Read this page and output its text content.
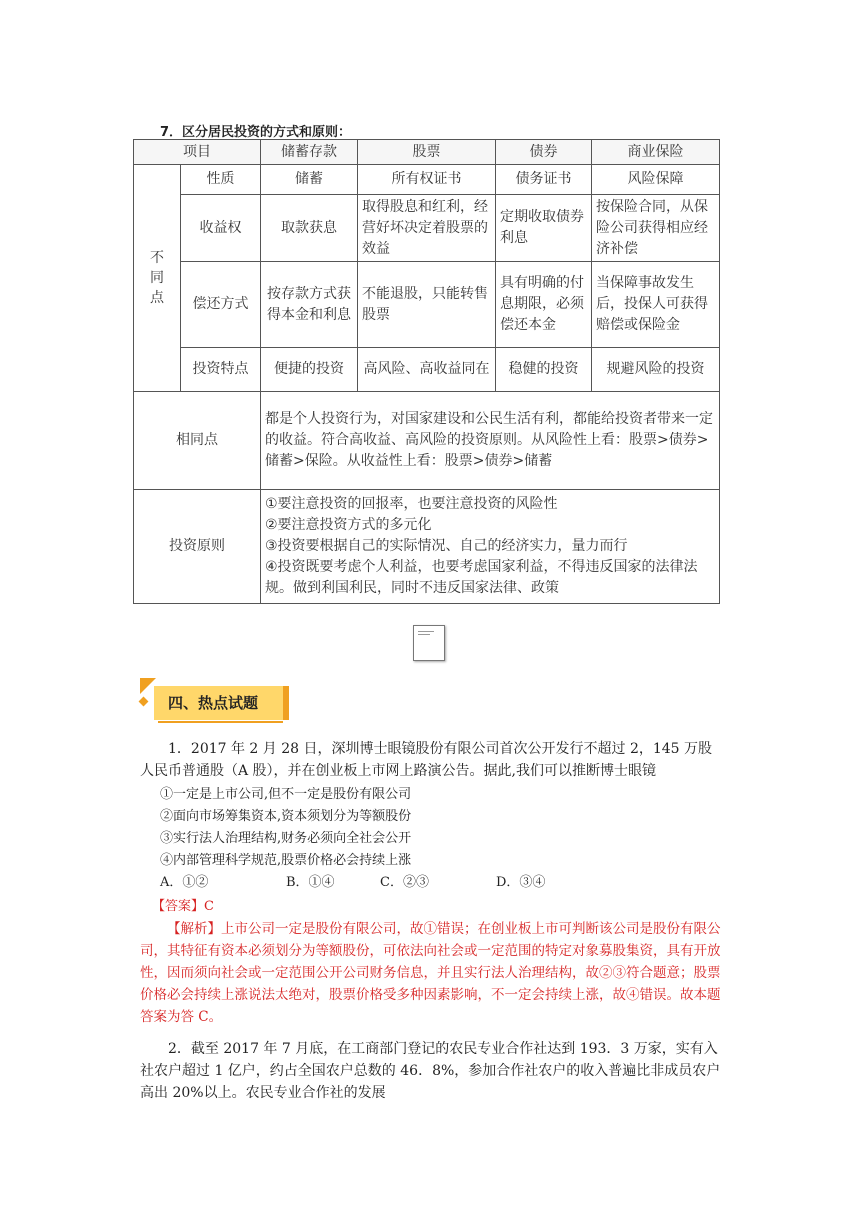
7．区分居民投资的方式和原则：
项目		储蓄存款	股票	债券	商业保险
不同点	性质	储蓄	所有权证书	债务证书	风险保障
	收益权	取款获息	取得股息和红利，经营好坏决定着股票的效益	定期收取债券利息	按保险合同，从保险公司获得相应经济补偿
	偿还方式	按存款方式获得本金和利息	不能退股，只能转售股票	具有明确的付息期限，必须偿还本金	当保障事故发生后，投保人可获得赔偿或保险金
	投资特点	便捷的投资	高风险、高收益同在	稳健的投资	规避风险的投资
相同点		都是个人投资行为，对国家建设和公民生活有利，都能给投资者带来一定的收益。符合高收益、高风险的投资原则。从风险性上看：股票>债券>储蓄>保险。从收益性上看：股票>债券>储蓄			
投资原则		①要注意投资的回报率，也要注意投资的风险性
②要注意投资方式的多元化
③投资要根据自己的实际情况、自己的经济实力，量力而行
④投资既要考虑个人利益，也要考虑国家利益，不得违反国家的法律法规。做到利国利民，同时不违反国家法律、政策			
四、热点试题
1．2017 年 2 月 28 日，深圳博士眼镜股份有限公司首次公开发行不超过 2，145 万股人民币普通股（A 股），并在创业板上市网上路演公告。据此,我们可以推断博士眼镜
①一定是上市公司,但不一定是股份有限公司
②面向市场筹集资本,资本须划分为等额股份
③实行法人治理结构,财务必须向全社会公开
④内部管理科学规范,股票价格必会持续上涨
A．①②	B．①④	C．②③	D．③④
【答案】C
【解析】上市公司一定是股份有限公司，故①错误；在创业板上市可判断该公司是股份有限公司，其特征有资本必须划分为等额股份，可依法向社会或一定范围的特定对象募股集资，具有开放性，因而须向社会或一定范围公开公司财务信息，并且实行法人治理结构，故②③符合题意；股票价格必会持续上涨说法太绝对，股票价格受多种因素影响，不一定会持续上涨，故④错误。故本题答案为答 C。
2．截至 2017 年 7 月底，在工商部门登记的农民专业合作社达到 193．3 万家，实有入社农户超过 1 亿户，约占全国农户总数的 46．8%，参加合作社农户的收入普遍比非成员农户高出 20%以上。农民专业合作社的发展
